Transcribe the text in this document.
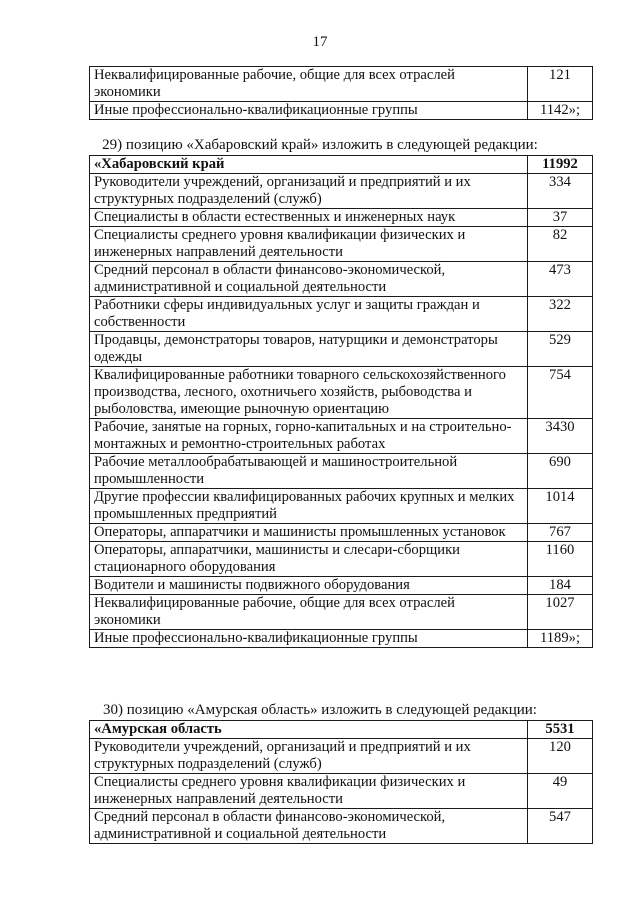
17
Неквалифицированные рабочие, общие для всех отраслей экономики	121
Иные профессионально-квалификационные группы	1142»;
29) позицию «Хабаровский край» изложить в следующей редакции:
«Хабаровский край	11992
Руководители учреждений, организаций и предприятий и их структурных подразделений (служб)	334
Специалисты в области естественных и инженерных наук	37
Специалисты среднего уровня квалификации физических и инженерных направлений деятельности	82
Средний персонал в области финансово-экономической, административной и социальной деятельности	473
Работники сферы индивидуальных услуг и защиты граждан и собственности	322
Продавцы, демонстраторы товаров, натурщики и демонстраторы одежды	529
Квалифицированные работники товарного сельскохозяйственного производства, лесного, охотничьего хозяйств, рыбоводства и рыболовства, имеющие рыночную ориентацию	754
Рабочие, занятые на горных, горно-капитальных и на строительно-монтажных и ремонтно-строительных работах	3430
Рабочие металлообрабатывающей и машиностроительной промышленности	690
Другие профессии квалифицированных рабочих крупных и мелких промышленных предприятий	1014
Операторы, аппаратчики и машинисты промышленных установок	767
Операторы, аппаратчики, машинисты и слесари-сборщики стационарного оборудования	1160
Водители и машинисты подвижного оборудования	184
Неквалифицированные рабочие, общие для всех отраслей экономики	1027
Иные профессионально-квалификационные группы	1189»;
30) позицию «Амурская область» изложить в следующей редакции:
«Амурская область	5531
Руководители учреждений, организаций и предприятий и их структурных подразделений (служб)	120
Специалисты среднего уровня квалификации физических и инженерных направлений деятельности	49
Средний персонал в области финансово-экономической, административной и социальной деятельности	547
